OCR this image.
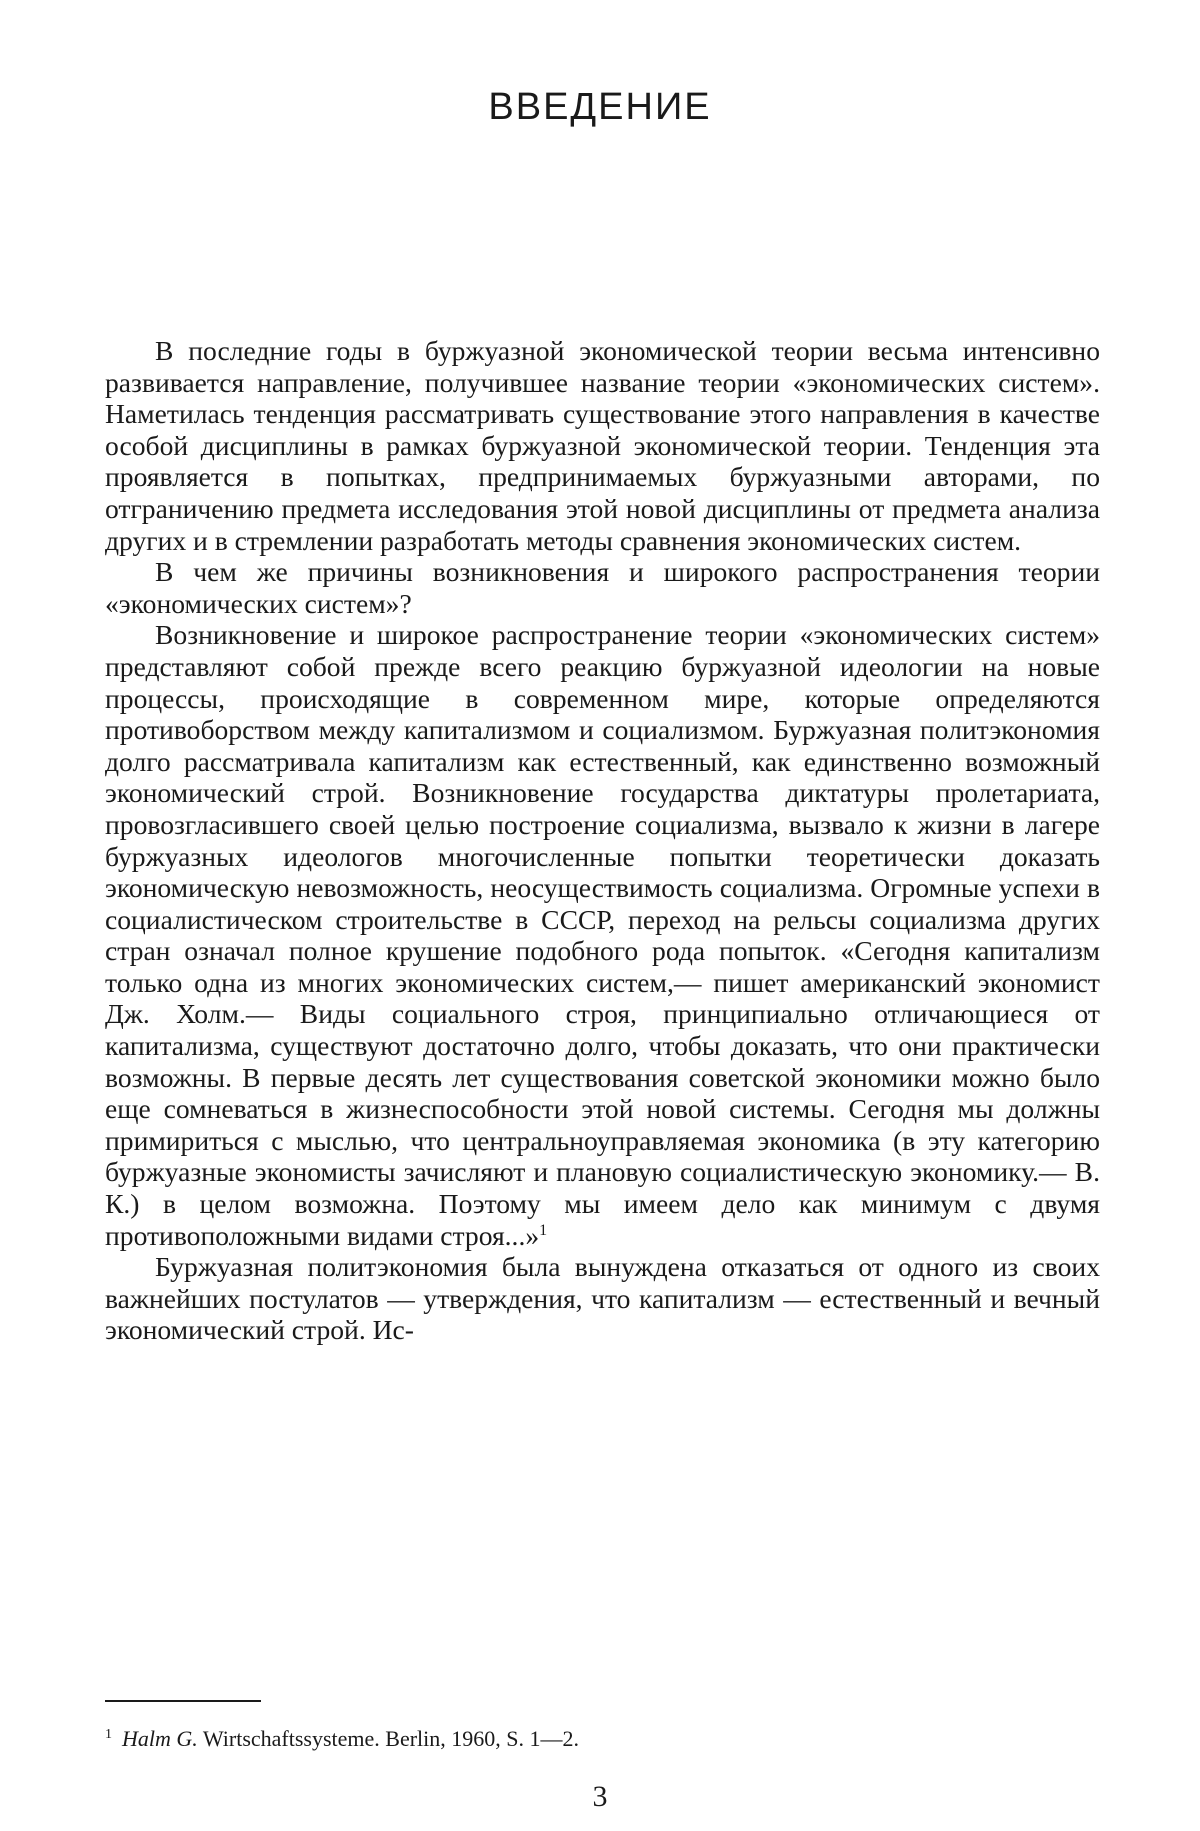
ВВЕДЕНИЕ

В последние годы в буржуазной экономической теории весьма интенсивно развивается направление, получившее название теории «экономических систем». Наметилась тенденция рассматривать существование этого направления в качестве особой дисциплины в рамках буржуазной экономической теории. Тенденция эта проявляется в попытках, предпринимаемых буржуазными авторами, по отграничению предмета исследования этой новой дисциплины от предмета анализа других и в стремлении разработать методы сравнения экономических систем.

В чем же причины возникновения и широкого распространения теории «экономических систем»?

Возникновение и широкое распространение теории «экономических систем» представляют собой прежде всего реакцию буржуазной идеологии на новые процессы, происходящие в современном мире, которые определяются противоборством между капитализмом и социализмом. Буржуазная политэкономия долго рассматривала капитализм как естественный, как единственно возможный экономический строй. Возникновение государства диктатуры пролетариата, провозгласившего своей целью построение социализма, вызвало к жизни в лагере буржуазных идеологов многочисленные попытки теоретически доказать экономическую невозможность, неосуществимость социализма. Огромные успехи в социалистическом строительстве в СССР, переход на рельсы социализма других стран означал полное крушение подобного рода попыток. «Сегодня капитализм только одна из многих экономических систем,— пишет американский экономист Дж. Холм.— Виды социального строя, принципиально отличающиеся от капитализма, существуют достаточно долго, чтобы доказать, что они практически возможны. В первые десять лет существования советской экономики можно было еще сомневаться в жизнеспособности этой новой системы. Сегодня мы должны примириться с мыслью, что центральноуправляемая экономика (в эту категорию буржуазные экономисты зачисляют и плановую социалистическую экономику.— В. К.) в целом возможна. Поэтому мы имеем дело как минимум с двумя противоположными видами строя...»1

Буржуазная политэкономия была вынуждена отказаться от одного из своих важнейших постулатов — утверждения, что капитализм — естественный и вечный экономический строй. Ис-

1 Halm G. Wirtschaftssysteme. Berlin, 1960, S. 1—2.
3
